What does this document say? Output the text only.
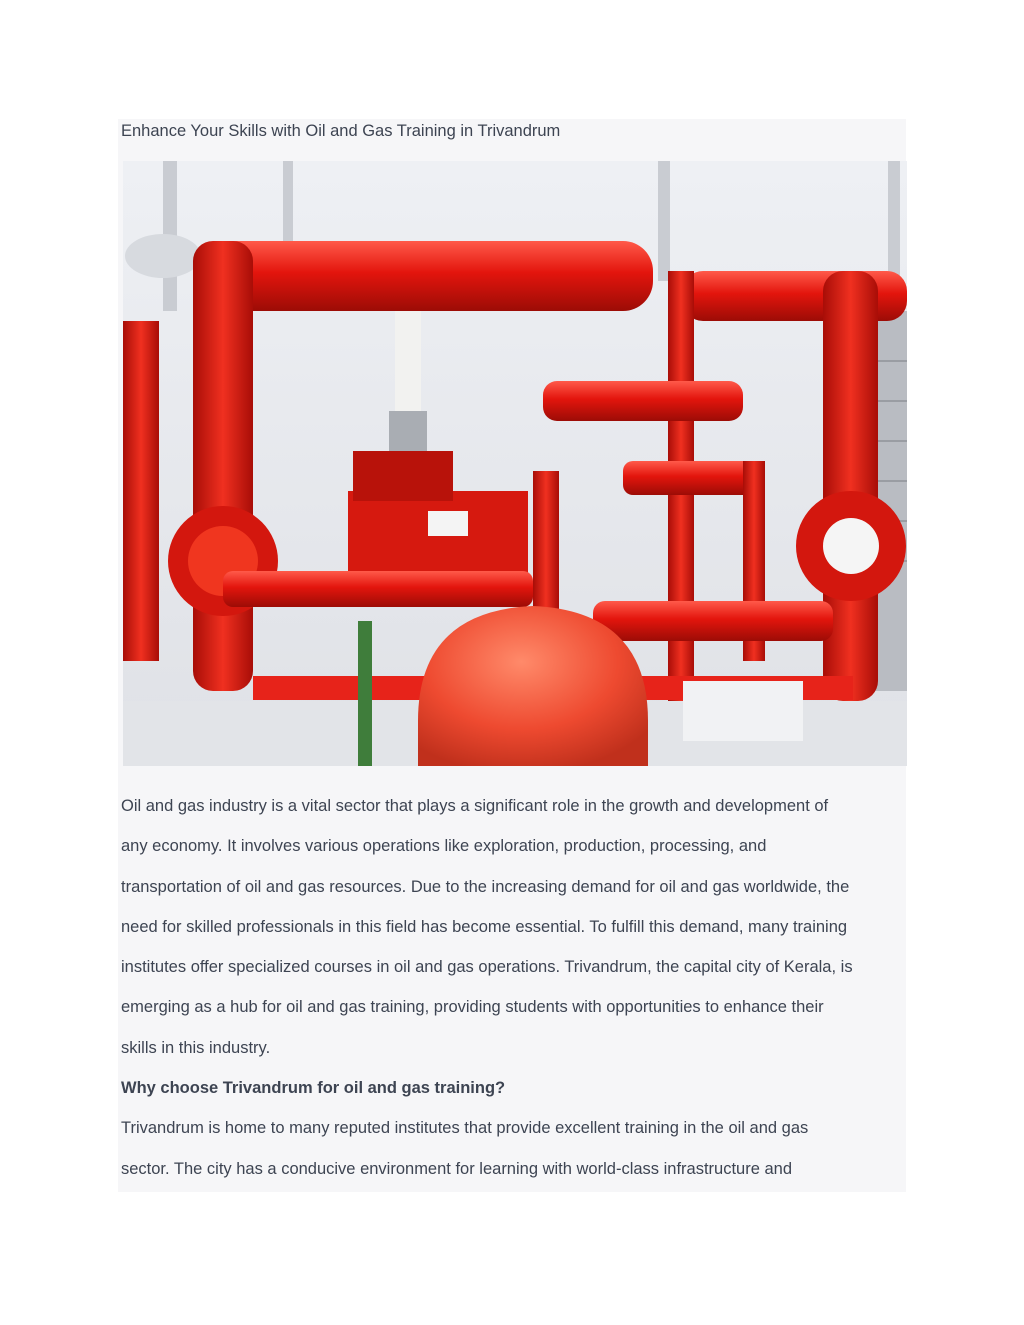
Enhance Your Skills with Oil and Gas Training in Trivandrum

Oil and gas industry is a vital sector that plays a significant role in the growth and development of
any economy. It involves various operations like exploration, production, processing, and
transportation of oil and gas resources. Due to the increasing demand for oil and gas worldwide, the
need for skilled professionals in this field has become essential. To fulfill this demand, many training
institutes offer specialized courses in oil and gas operations. Trivandrum, the capital city of Kerala, is
emerging as a hub for oil and gas training, providing students with opportunities to enhance their
skills in this industry.

Why choose Trivandrum for oil and gas training?

Trivandrum is home to many reputed institutes that provide excellent training in the oil and gas
sector. The city has a conducive environment for learning with world-class infrastructure and
